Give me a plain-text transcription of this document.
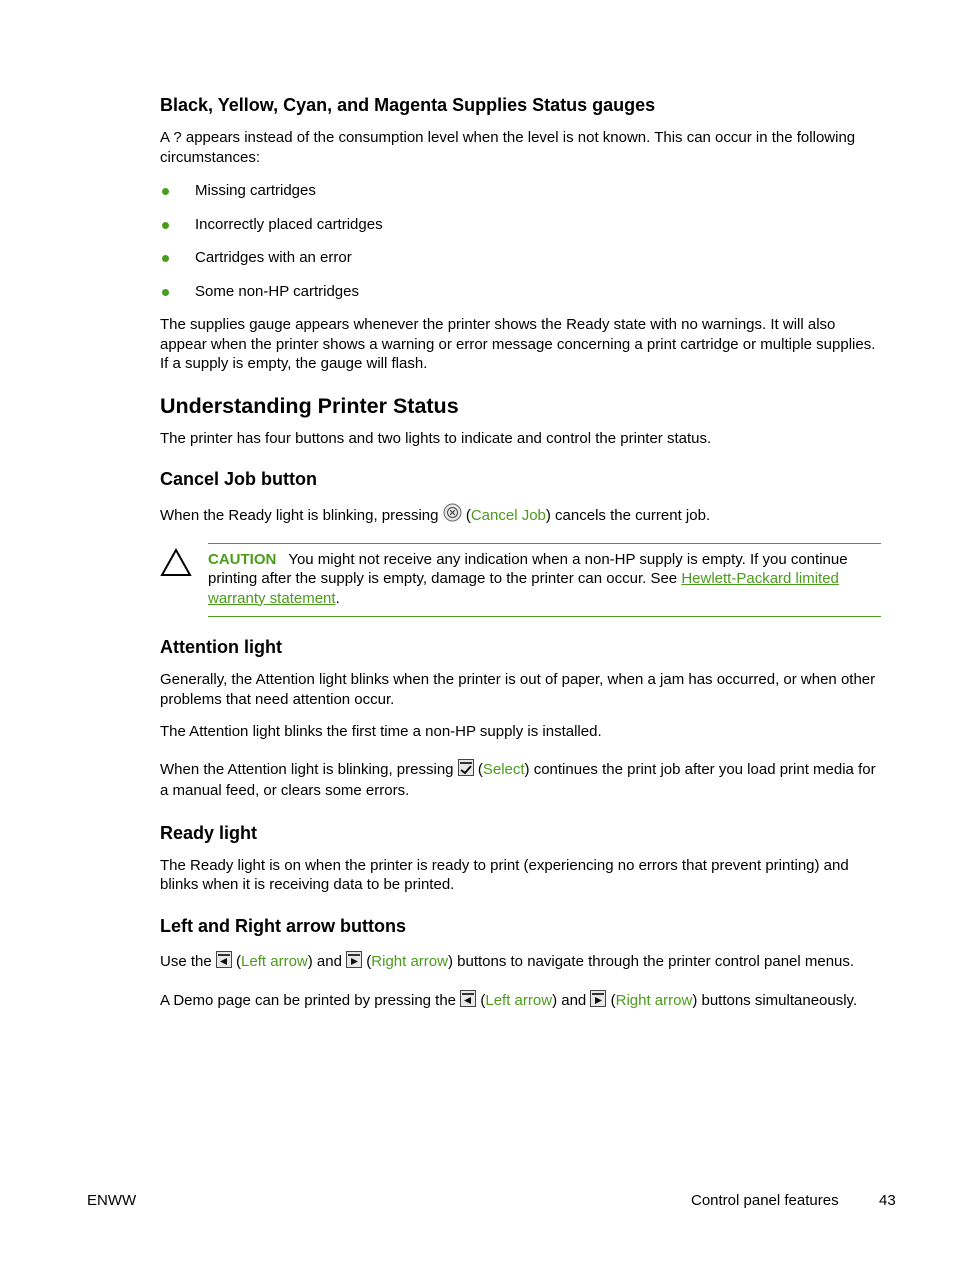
Black, Yellow, Cyan, and Magenta Supplies Status gauges

A ? appears instead of the consumption level when the level is not known. This can occur in the following circumstances:

Missing cartridges
Incorrectly placed cartridges
Cartridges with an error
Some non-HP cartridges

The supplies gauge appears whenever the printer shows the Ready state with no warnings. It will also appear when the printer shows a warning or error message concerning a print cartridge or multiple supplies. If a supply is empty, the gauge will flash.

Understanding Printer Status

The printer has four buttons and two lights to indicate and control the printer status.

Cancel Job button

When the Ready light is blinking, pressing  (Cancel Job) cancels the current job.

CAUTION You might not receive any indication when a non-HP supply is empty. If you continue printing after the supply is empty, damage to the printer can occur. See Hewlett-Packard limited warranty statement.

Attention light

Generally, the Attention light blinks when the printer is out of paper, when a jam has occurred, or when other problems that need attention occur.

The Attention light blinks the first time a non-HP supply is installed.

When the Attention light is blinking, pressing  (Select) continues the print job after you load print media for a manual feed, or clears some errors.

Ready light

The Ready light is on when the printer is ready to print (experiencing no errors that prevent printing) and blinks when it is receiving data to be printed.

Left and Right arrow buttons

Use the  (Left arrow) and  (Right arrow) buttons to navigate through the printer control panel menus.

A Demo page can be printed by pressing the  (Left arrow) and  (Right arrow) buttons simultaneously.

ENWW	Control panel features	43
